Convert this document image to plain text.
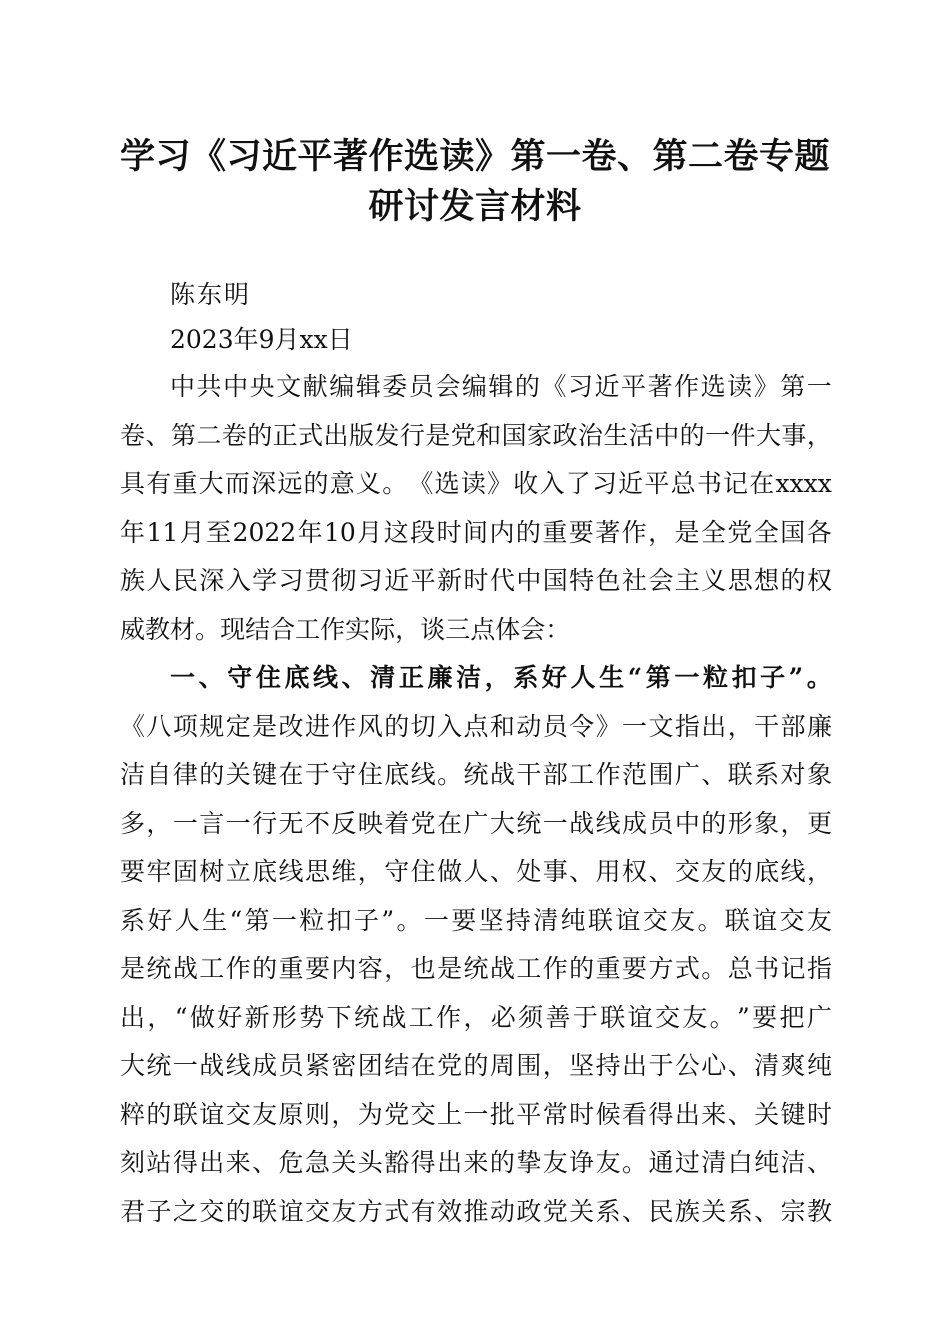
学习《习近平著作选读》第一卷、第二卷专题
研讨发言材料
陈东明
2023年9月xx日
中 共 中 央 文 献 编 辑 委 员 会 编 辑 的 《 习 近 平 著 作 选 读 》 第 一
卷 、 第 二 卷 的 正 式 出 版 发 行 是 党 和 国 家 政 治 生 活 中 的 一 件 大 事 ，
具 有 重 大 而 深 远 的 意 义 。 《 选 读 》 收 入 了 习 近 平 总 书 记 在 xxxx
年 11 月 至 2022 年 10 月 这 段 时 间 内 的 重 要 著 作 ， 是 全 党 全 国 各
族 人 民 深 入 学 习 贯 彻 习 近 平 新 时 代 中 国 特 色 社 会 主 义 思 想 的 权
威 教 材 。 现 结 合 工 作 实 际 ， 谈 三 点 体 会 ：
一 、 守 住 底 线 、 清 正 廉 洁 ， 系 好 人 生 “ 第 一 粒 扣 子 ” 。
《 八 项 规 定 是 改 进 作 风 的 切 入 点 和 动 员 令 》 一 文 指 出 ， 干 部 廉
洁 自 律 的 关 键 在 于 守 住 底 线 。 统 战 干 部 工 作 范 围 广 、 联 系 对 象
多 ， 一 言 一 行 无 不 反 映 着 党 在 广 大 统 一 战 线 成 员 中 的 形 象 ， 更
要 牢 固 树 立 底 线 思 维 ， 守 住 做 人 、 处 事 、 用 权 、 交 友 的 底 线 ，
系 好 人 生 “ 第 一 粒 扣 子 ” 。 一 要 坚 持 清 纯 联 谊 交 友 。 联 谊 交 友
是 统 战 工 作 的 重 要 内 容 ， 也 是 统 战 工 作 的 重 要 方 式 。 总 书 记 指
出 ， “ 做 好 新 形 势 下 统 战 工 作 ， 必 须 善 于 联 谊 交 友 。 ” 要 把 广
大 统 一 战 线 成 员 紧 密 团 结 在 党 的 周 围 ， 坚 持 出 于 公 心 、 清 爽 纯
粹 的 联 谊 交 友 原 则 ， 为 党 交 上 一 批 平 常 时 候 看 得 出 来 、 关 键 时
刻 站 得 出 来 、 危 急 关 头 豁 得 出 来 的 挚 友 诤 友 。 通 过 清 白 纯 洁 、
君 子 之 交 的 联 谊 交 友 方 式 有 效 推 动 政 党 关 系 、 民 族 关 系 、 宗 教
